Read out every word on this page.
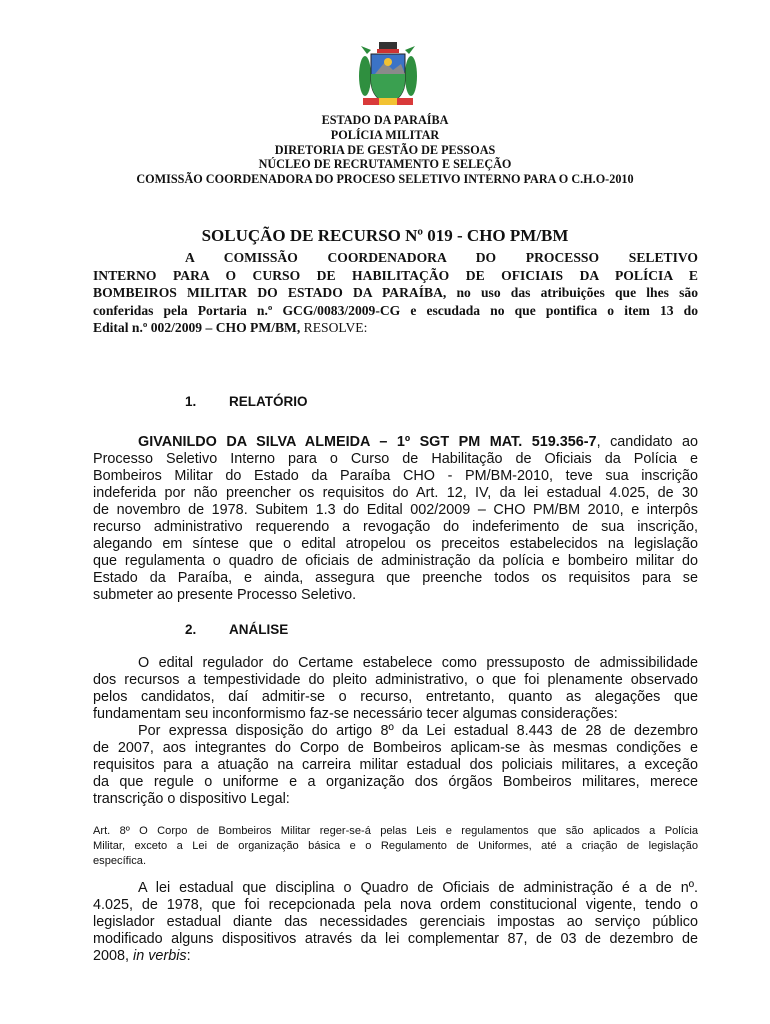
ESTADO DA PARAÍBA
POLÍCIA MILITAR
DIRETORIA DE GESTÃO DE PESSOAS
NÚCLEO DE RECRUTAMENTO E SELEÇÃO
COMISSÃO COORDENADORA DO PROCESO SELETIVO INTERNO PARA O C.H.O-2010
SOLUÇÃO DE RECURSO Nº 019 - CHO PM/BM
A COMISSÃO COORDENADORA DO PROCESSO SELETIVO
INTERNO PARA O CURSO DE HABILITAÇÃO DE OFICIAIS DA POLÍCIA E
BOMBEIROS MILITAR DO ESTADO DA PARAÍBA, no uso das atribuições que lhes são
conferidas pela Portaria n.º GCG/0083/2009-CG e escudada no que pontifica o item 13 do
Edital n.º 002/2009 – CHO PM/BM, RESOLVE:
1. RELATÓRIO
GIVANILDO DA SILVA ALMEIDA – 1º SGT PM MAT. 519.356-7, candidato ao
Processo Seletivo Interno para o Curso de Habilitação de Oficiais da Polícia e
Bombeiros Militar do Estado da Paraíba CHO - PM/BM-2010, teve sua inscrição
indeferida por não preencher os requisitos do Art. 12, IV, da lei estadual 4.025, de 30
de novembro de 1978. Subitem 1.3 do Edital 002/2009 – CHO PM/BM 2010, e interpôs
recurso administrativo requerendo a revogação do indeferimento de sua inscrição,
alegando em síntese que o edital atropelou os preceitos estabelecidos na legislação
que regulamenta o quadro de oficiais de administração da polícia e bombeiro militar do
Estado da Paraíba, e ainda, assegura que preenche todos os requisitos para se
submeter ao presente Processo Seletivo.
2. ANÁLISE
O edital regulador do Certame estabelece como pressuposto de admissibilidade
dos recursos a tempestividade do pleito administrativo, o que foi plenamente observado
pelos candidatos, daí admitir-se o recurso, entretanto, quanto as alegações que
fundamentam seu inconformismo faz-se necessário tecer algumas considerações:
Por expressa disposição do artigo 8º da Lei estadual 8.443 de 28 de dezembro
de 2007, aos integrantes do Corpo de Bombeiros aplicam-se às mesmas condições e
requisitos para a atuação na carreira militar estadual dos policiais militares, a exceção
da que regule o uniforme e a organização dos órgãos Bombeiros militares, merece
transcrição o dispositivo Legal:
Art. 8º O Corpo de Bombeiros Militar reger-se-á pelas Leis e regulamentos que são aplicados a Polícia
Militar, exceto a Lei de organização básica e o Regulamento de Uniformes, até a criação de legislação
específica.
A lei estadual que disciplina o Quadro de Oficiais de administração é a de nº.
4.025, de 1978, que foi recepcionada pela nova ordem constitucional vigente, tendo o
legislador estadual diante das necessidades gerenciais impostas ao serviço público
modificado alguns dispositivos através da lei complementar 87, de 03 de dezembro de
2008, in verbis:
